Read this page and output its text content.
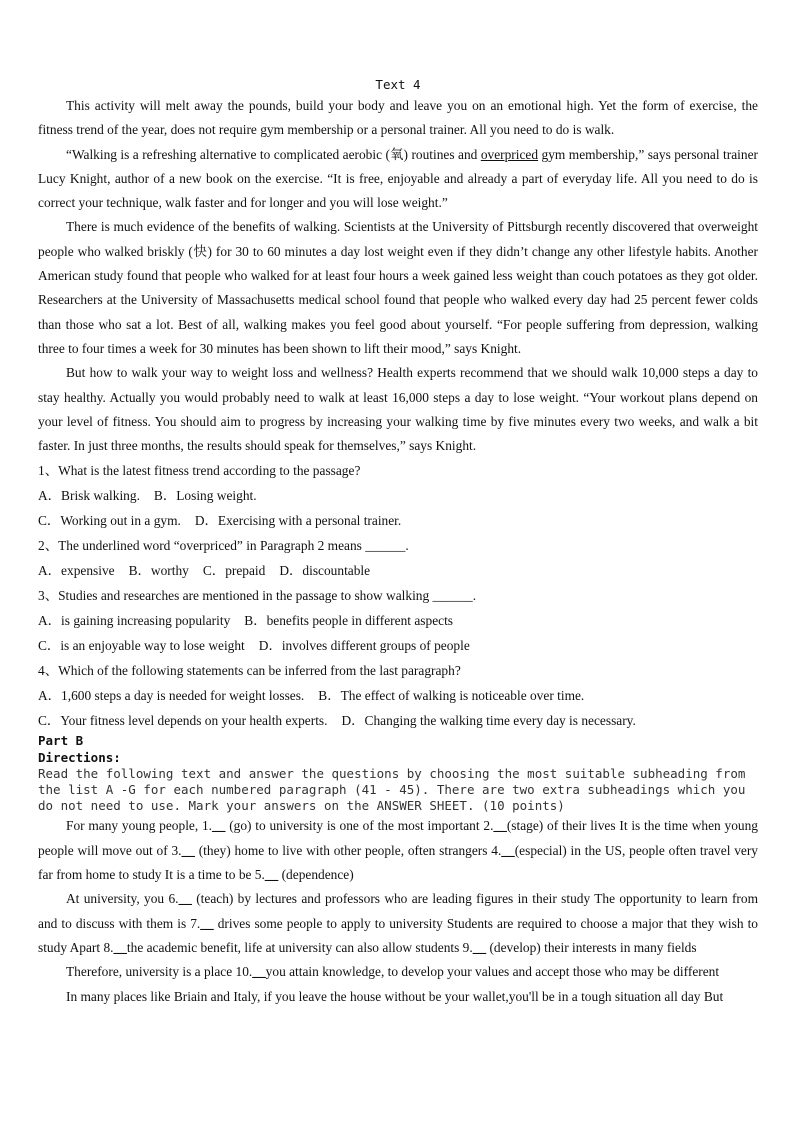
Text 4

This activity will melt away the pounds, build your body and leave you on an emotional high. Yet the form of exercise, the fitness trend of the year, does not require gym membership or a personal trainer. All you need to do is walk.

“Walking is a refreshing alternative to complicated aerobic (氧) routines and overpriced gym membership,” says personal trainer Lucy Knight, author of a new book on the exercise. “It is free, enjoyable and already a part of everyday life. All you need to do is correct your technique, walk faster and for longer and you will lose weight.”

There is much evidence of the benefits of walking. Scientists at the University of Pittsburgh recently discovered that overweight people who walked briskly (快) for 30 to 60 minutes a day lost weight even if they didn’t change any other lifestyle habits. Another American study found that people who walked for at least four hours a week gained less weight than couch potatoes as they got older. Researchers at the University of Massachusetts medical school found that people who walked every day had 25 percent fewer colds than those who sat a lot. Best of all, walking makes you feel good about yourself. “For people suffering from depression, walking three to four times a week for 30 minutes has been shown to lift their mood,” says Knight.

But how to walk your way to weight loss and wellness? Health experts recommend that we should walk 10,000 steps a day to stay healthy. Actually you would probably need to walk at least 16,000 steps a day to lose weight. “Your workout plans depend on your level of fitness. You should aim to progress by increasing your walking time by five minutes every two weeks, and walk a bit faster. In just three months, the results should speak for themselves,” says Knight.

1、What is the latest fitness trend according to the passage?

A．Brisk walking. B．Losing weight.

C．Working out in a gym. D．Exercising with a personal trainer.

2、The underlined word “overpriced” in Paragraph 2 means ______.

A．expensive B．worthy C．prepaid D．discountable

3、Studies and researches are mentioned in the passage to show walking ______.

A．is gaining increasing popularity B．benefits people in different aspects

C．is an enjoyable way to lose weight D．involves different groups of people

4、Which of the following statements can be inferred from the last paragraph?

A．1,600 steps a day is needed for weight losses. B．The effect of walking is noticeable over time.

C．Your fitness level depends on your health experts. D．Changing the walking time every day is necessary.

Part B

Directions:

Read the following text and answer the questions by choosing the most suitable subheading from the list A -G for each numbered paragraph (41 - 45). There are two extra subheadings which you do not need to use. Mark your answers on the ANSWER SHEET. (10 points)

For many young people, 1.__ (go) to university is one of the most important 2.__(stage) of their lives It is the time when young people will move out of 3.__ (they) home to live with other people, often strangers 4.__(especial) in the US, people often travel very far from home to study It is a time to be 5.__ (dependence)

At university, you 6.__ (teach) by lectures and professors who are leading figures in their study The opportunity to learn from and to discuss with them is 7.__ drives some people to apply to university Students are required to choose a major that they wish to study Apart 8.__the academic benefit, life at university can also allow students 9.__ (develop) their interests in many fields

Therefore, university is a place 10.__you attain knowledge, to develop your values and accept those who may be different

In many places like Briain and Italy, if you leave the house without be your wallet,you'll be in a tough situation all day But
